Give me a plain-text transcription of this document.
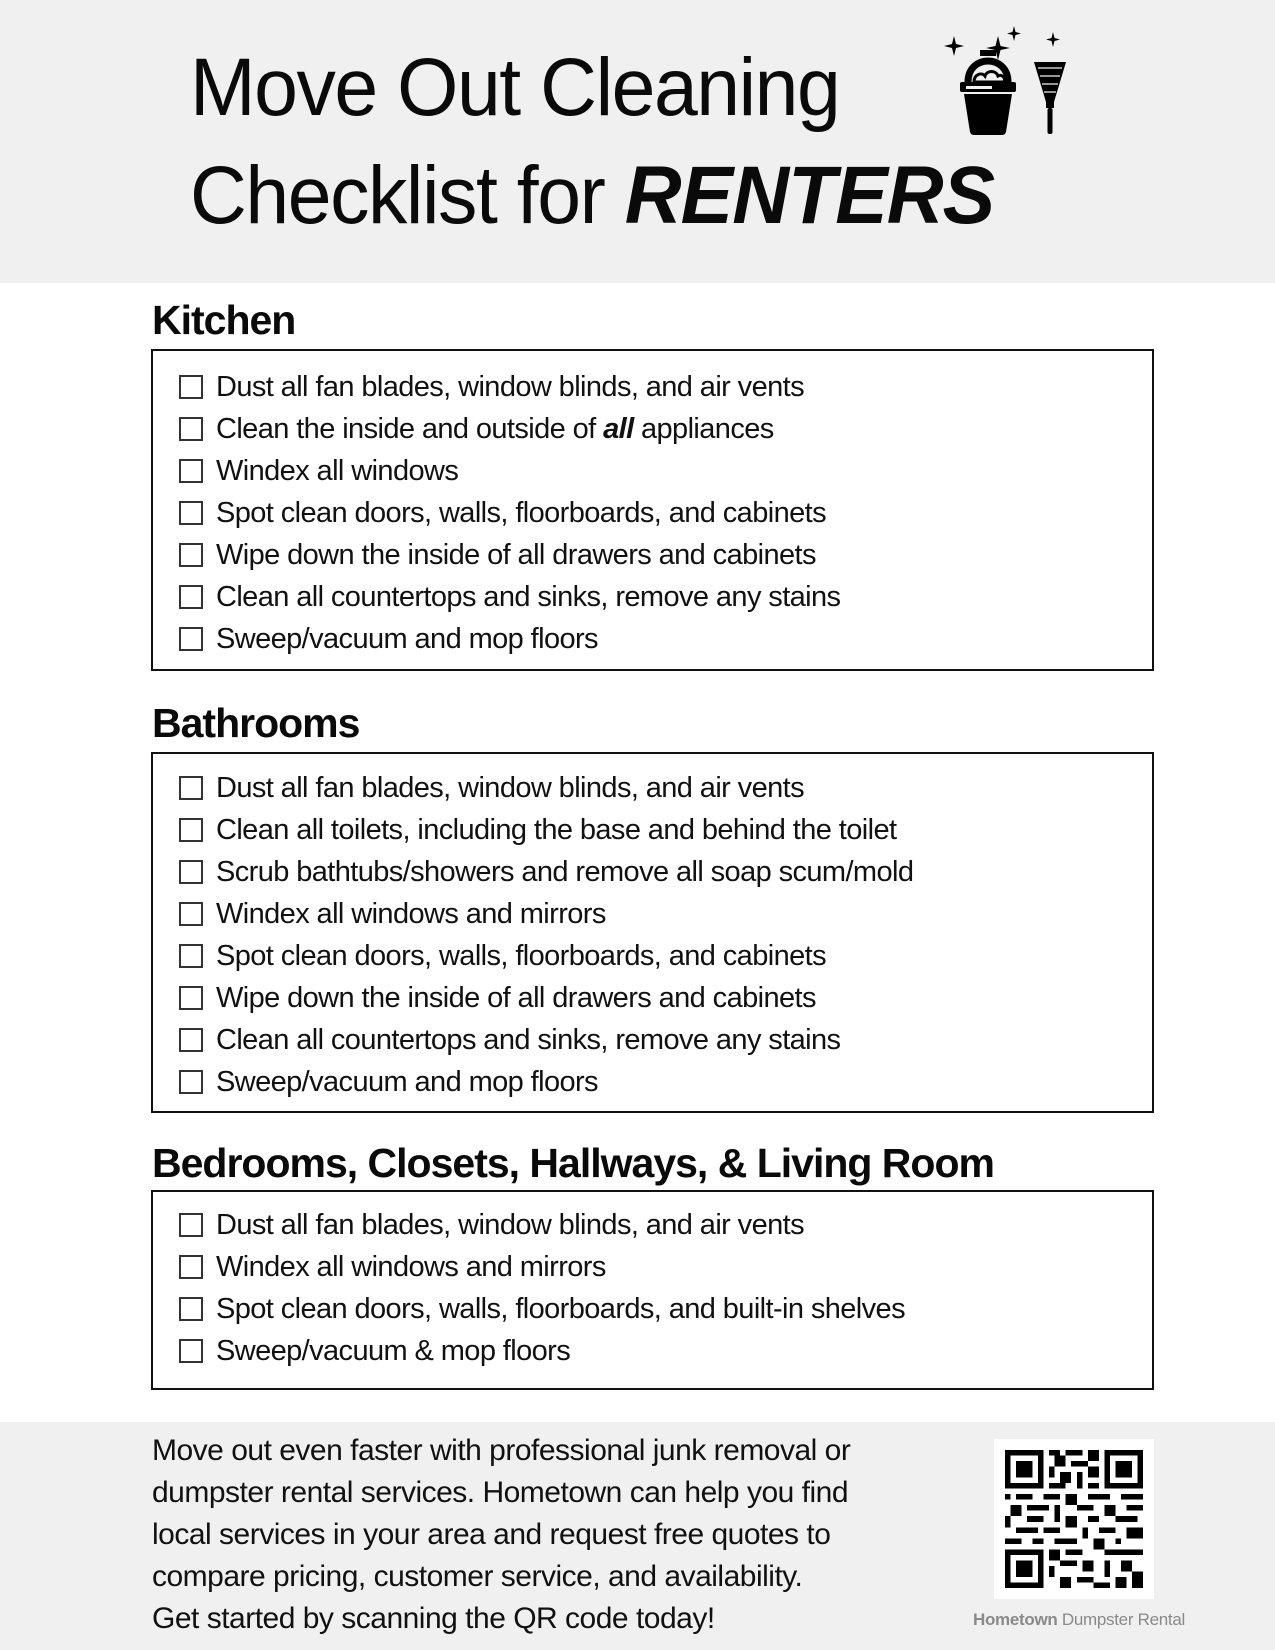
Move Out Cleaning
Checklist for RENTERS
Kitchen
Dust all fan blades, window blinds, and air vents
Clean the inside and outside of all appliances
Windex all windows
Spot clean doors, walls, floorboards, and cabinets
Wipe down the inside of all drawers and cabinets
Clean all countertops and sinks, remove any stains
Sweep/vacuum and mop floors
Bathrooms
Dust all fan blades, window blinds, and air vents
Clean all toilets, including the base and behind the toilet
Scrub bathtubs/showers and remove all soap scum/mold
Windex all windows and mirrors
Spot clean doors, walls, floorboards, and cabinets
Wipe down the inside of all drawers and cabinets
Clean all countertops and sinks, remove any stains
Sweep/vacuum and mop floors
Bedrooms, Closets, Hallways, & Living Room
Dust all fan blades, window blinds, and air vents
Windex all windows and mirrors
Spot clean doors, walls, floorboards, and built-in shelves
Sweep/vacuum & mop floors
Move out even faster with professional junk removal or
dumpster rental services. Hometown can help you find
local services in your area and request free quotes to
compare pricing, customer service, and availability.
Get started by scanning the QR code today!	Hometown Dumpster Rental
